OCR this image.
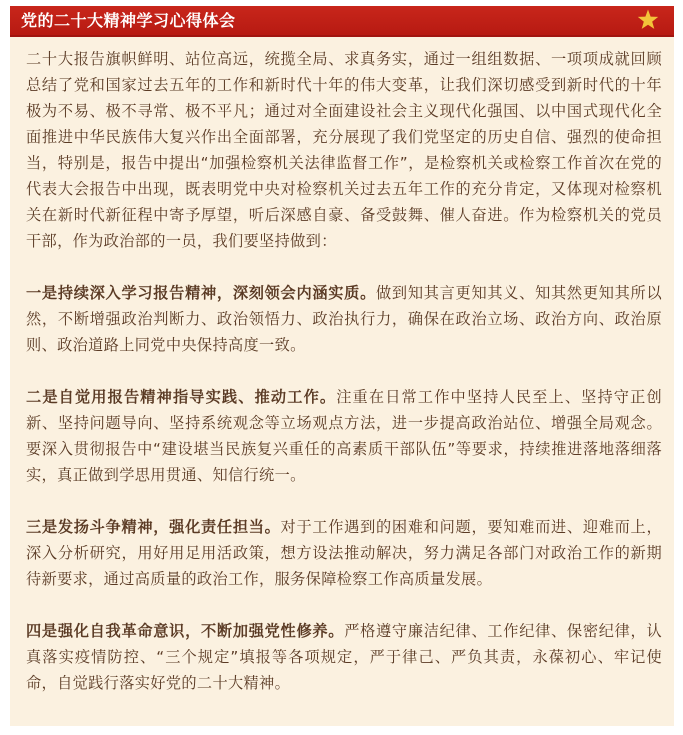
党的二十大精神学习心得体会

二十大报告旗帜鲜明、站位高远，统揽全局、求真务实，通过一组组数据、一项项成就回顾总结了党和国家过去五年的工作和新时代十年的伟大变革，让我们深切感受到新时代的十年极为不易、极不寻常、极不平凡；通过对全面建设社会主义现代化强国、以中国式现代化全面推进中华民族伟大复兴作出全面部署，充分展现了我们党坚定的历史自信、强烈的使命担当，特别是，报告中提出“加强检察机关法律监督工作”，是检察机关或检察工作首次在党的代表大会报告中出现，既表明党中央对检察机关过去五年工作的充分肯定，又体现对检察机关在新时代新征程中寄予厚望，听后深感自豪、备受鼓舞、催人奋进。作为检察机关的党员干部，作为政治部的一员，我们要坚持做到：

一是持续深入学习报告精神，深刻领会内涵实质。做到知其言更知其义、知其然更知其所以然，不断增强政治判断力、政治领悟力、政治执行力，确保在政治立场、政治方向、政治原则、政治道路上同党中央保持高度一致。

二是自觉用报告精神指导实践、推动工作。注重在日常工作中坚持人民至上、坚持守正创新、坚持问题导向、坚持系统观念等立场观点方法，进一步提高政治站位、增强全局观念。要深入贯彻报告中“建设堪当民族复兴重任的高素质干部队伍”等要求，持续推进落地落细落实，真正做到学思用贯通、知信行统一。

三是发扬斗争精神，强化责任担当。对于工作遇到的困难和问题，要知难而进、迎难而上，深入分析研究，用好用足用活政策，想方设法推动解决，努力满足各部门对政治工作的新期待新要求，通过高质量的政治工作，服务保障检察工作高质量发展。

四是强化自我革命意识，不断加强党性修养。严格遵守廉洁纪律、工作纪律、保密纪律，认真落实疫情防控、“三个规定”填报等各项规定，严于律己、严负其责，永葆初心、牢记使命，自觉践行落实好党的二十大精神。
